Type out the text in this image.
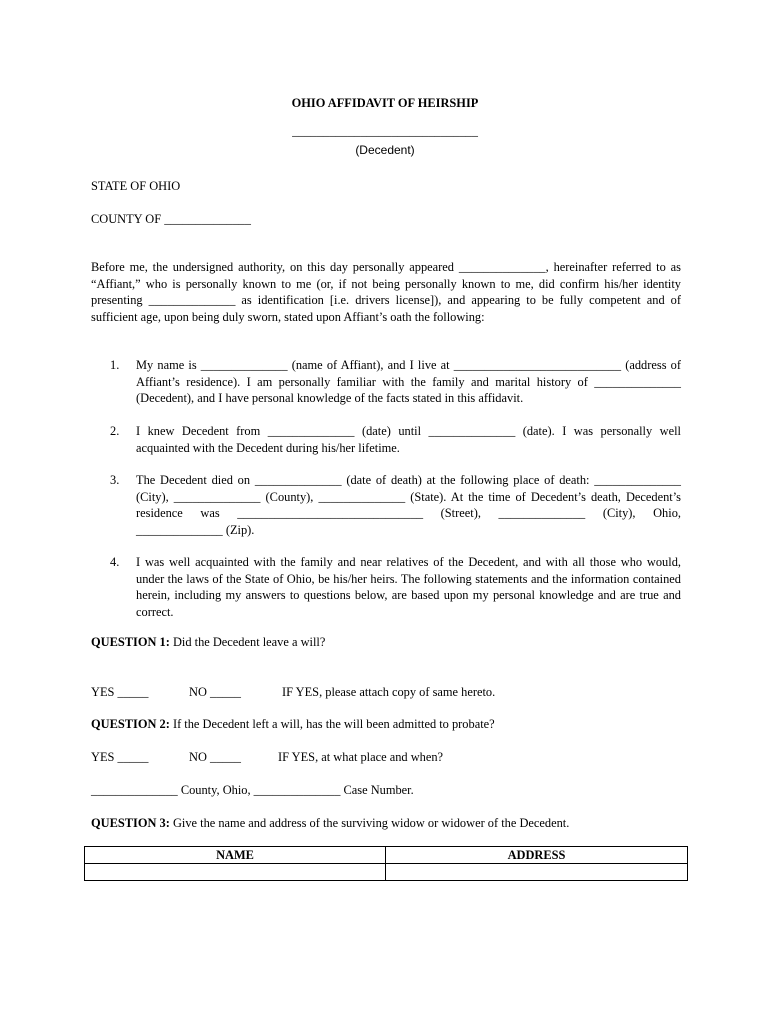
OHIO AFFIDAVIT OF HEIRSHIP
______________________________
(Decedent)
STATE OF OHIO
COUNTY OF ______________
Before me, the undersigned authority, on this day personally appeared ______________, hereinafter referred to as “Affiant,” who is personally known to me (or, if not being personally known to me, did confirm his/her identity presenting ______________ as identification [i.e. drivers license]), and appearing to be fully competent and of sufficient age, upon being duly sworn, stated upon Affiant’s oath the following:
1.	My name is ______________ (name of Affiant), and I live at ___________________________ (address of Affiant’s residence). I am personally familiar with the family and marital history of ______________ (Decedent), and I have personal knowledge of the facts stated in this affidavit.
2.	I knew Decedent from ______________ (date) until ______________ (date). I was personally well acquainted with the Decedent during his/her lifetime.
3.	The Decedent died on ______________ (date of death) at the following place of death: ______________ (City), ______________ (County), ______________ (State). At the time of Decedent’s death, Decedent’s residence was ______________________________ (Street), ______________ (City), Ohio, ______________ (Zip).
4.	I was well acquainted with the family and near relatives of the Decedent, and with all those who would, under the laws of the State of Ohio, be his/her heirs. The following statements and the information contained herein, including my answers to questions below, are based upon my personal knowledge and are true and correct.
QUESTION 1: Did the Decedent leave a will?
YES _____	NO _____	IF YES, please attach copy of same hereto.
QUESTION 2: If the Decedent left a will, has the will been admitted to probate?
YES _____	NO _____	IF YES, at what place and when?
______________ County, Ohio, ______________ Case Number.
QUESTION 3: Give the name and address of the surviving widow or widower of the Decedent.
NAME	ADDRESS
